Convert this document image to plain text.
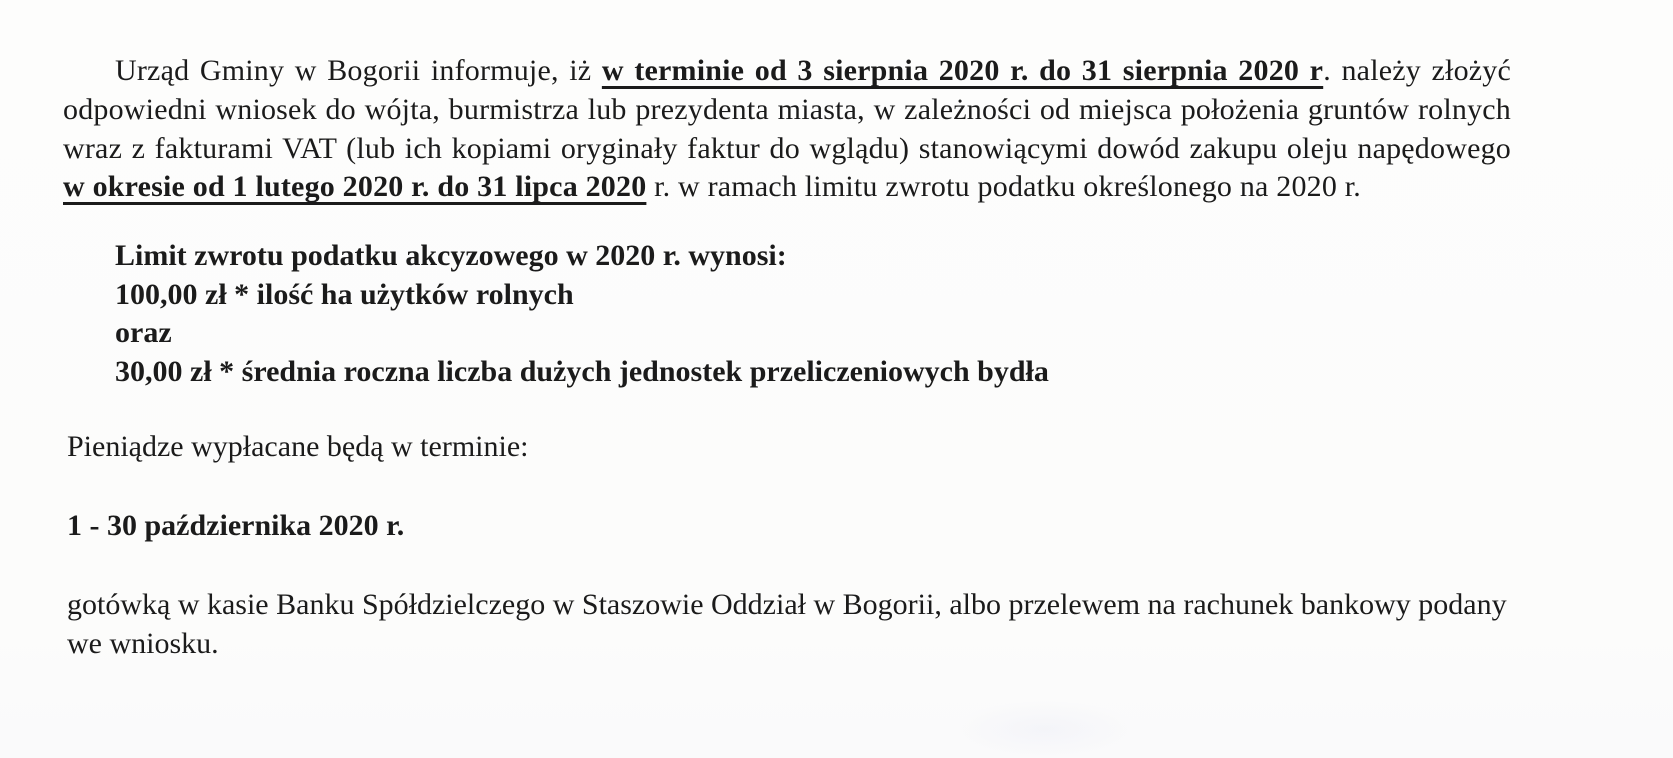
Urząd Gminy w Bogorii informuje, iż w terminie od 3 sierpnia 2020 r. do 31 sierpnia 2020 r. należy złożyć odpowiedni wniosek do wójta, burmistrza lub prezydenta miasta, w zależności od miejsca położenia gruntów rolnych wraz z fakturami VAT (lub ich kopiami oryginały faktur do wglądu) stanowiącymi dowód zakupu oleju napędowego w okresie od 1 lutego 2020 r. do 31 lipca 2020 r. w ramach limitu zwrotu podatku określonego na 2020 r.

Limit zwrotu podatku akcyzowego w 2020 r. wynosi:
100,00 zł * ilość ha użytków rolnych
oraz
30,00 zł * średnia roczna liczba dużych jednostek przeliczeniowych bydła

Pieniądze wypłacane będą w terminie:

1 - 30 października 2020 r.

gotówką w kasie Banku Spółdzielczego w Staszowie Oddział w Bogorii, albo przelewem na rachunek bankowy podany we wniosku.
